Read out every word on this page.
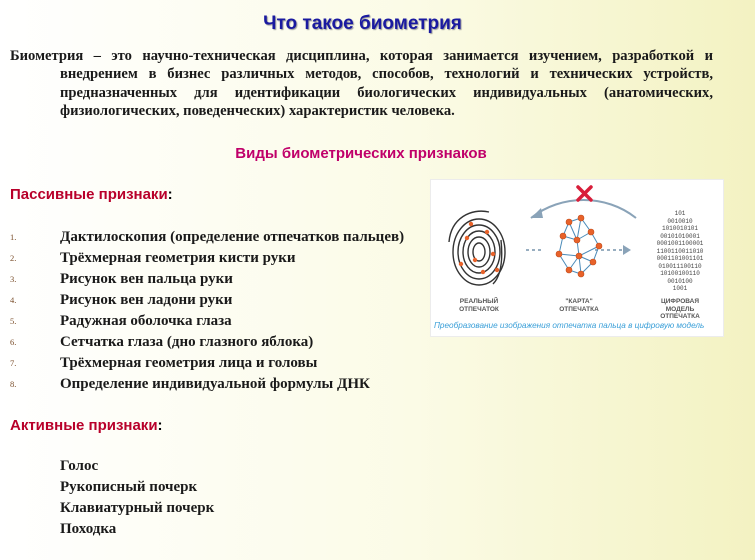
Что такое биометрия

Биометрия – это научно-техническая дисциплина, которая занимается изучением, разработкой и внедрением в бизнес различных методов, способов, технологий и технических устройств, предназначенных для идентификации биологических индивидуальных (анатомических, физиологических, поведенческих) характеристик человека.

Виды биометрических признаков
Пассивные признаки:
1.	Дактилоскопия (определение отпечатков пальцев)
2.	Трёхмерная геометрия кисти руки
3.	Рисунок вен пальца руки
4.	Рисунок вен ладони руки
5.	Радужная оболочка глаза
6.	Сетчатка глаза (дно глазного яблока)
7.	Трёхмерная геометрия лица и головы
8.	Определение индивидуальной формулы ДНК
Активные признаки:
Голос
Рукописный почерк
Клавиатурный почерк
Походка
101
0010010
1010010101
00101010001
0001001100001
1100110011010
0001101001101
010011100110
10100100110
0010100
1001
РЕАЛЬНЫЙ
ОТПЕЧАТОК
"КАРТА"
ОТПЕЧАТКА
ЦИФРОВАЯ
МОДЕЛЬ
ОТПЕЧАТКА
Преобразование изображения отпечатка пальца в цифровую модель
